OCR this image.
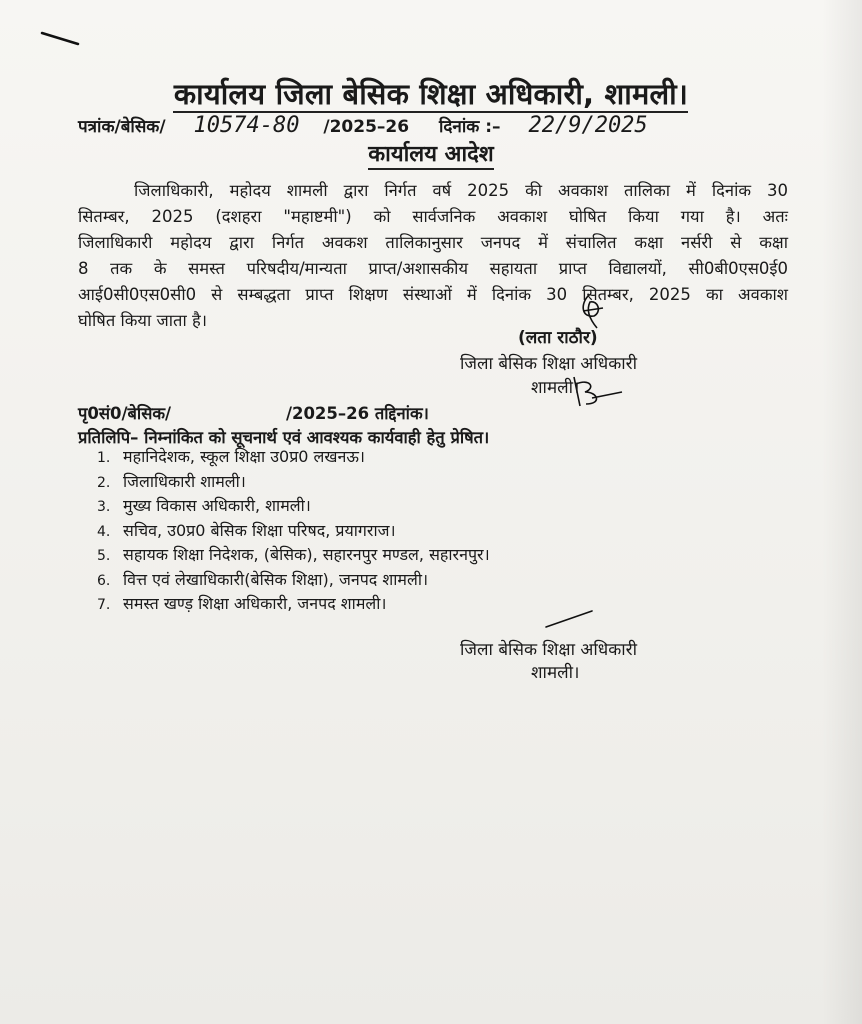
कार्यालय जिला बेसिक शिक्षा अधिकारी, शामली।
पत्रांक/बेसिक/ 10574-80 /2025–26 दिनांक :– 22/9/2025
कार्यालय आदेश
जिलाधिकारी, महोदय शामली द्वारा निर्गत वर्ष 2025 की अवकाश तालिका में दिनांक 30
सितम्बर, 2025 (दशहरा "महाष्टमी") को सार्वजनिक अवकाश घोषित किया गया है। अतः
जिलाधिकारी महोदय द्वारा निर्गत अवकश तालिकानुसार जनपद में संचालित कक्षा नर्सरी से कक्षा
8 तक के समस्त परिषदीय/मान्यता प्राप्त/अशासकीय सहायता प्राप्त विद्यालयों, सी0बी0एस0ई0
आई0सी0एस0सी0 से सम्बद्धता प्राप्त शिक्षण संस्थाओं में दिनांक 30 सितम्बर, 2025 का अवकाश
घोषित किया जाता है।
(लता राठौर)
जिला बेसिक शिक्षा अधिकारी
शामली।
पृ0सं0/बेसिक/                    /2025–26 तद्दिनांक।
प्रतिलिपि– निम्नांकित को सूचनार्थ एवं आवश्यक कार्यवाही हेतु प्रेषित।
1. महानिदेशक, स्कूल शिक्षा उ0प्र0 लखनऊ।
2. जिलाधिकारी शामली।
3. मुख्य विकास अधिकारी, शामली।
4. सचिव, उ0प्र0 बेसिक शिक्षा परिषद, प्रयागराज।
5. सहायक शिक्षा निदेशक, (बेसिक), सहारनपुर मण्डल, सहारनपुर।
6. वित्त एवं लेखाधिकारी(बेसिक शिक्षा), जनपद शामली।
7. समस्त खण्ड़ शिक्षा अधिकारी, जनपद शामली।
जिला बेसिक शिक्षा अधिकारी
शामली।
